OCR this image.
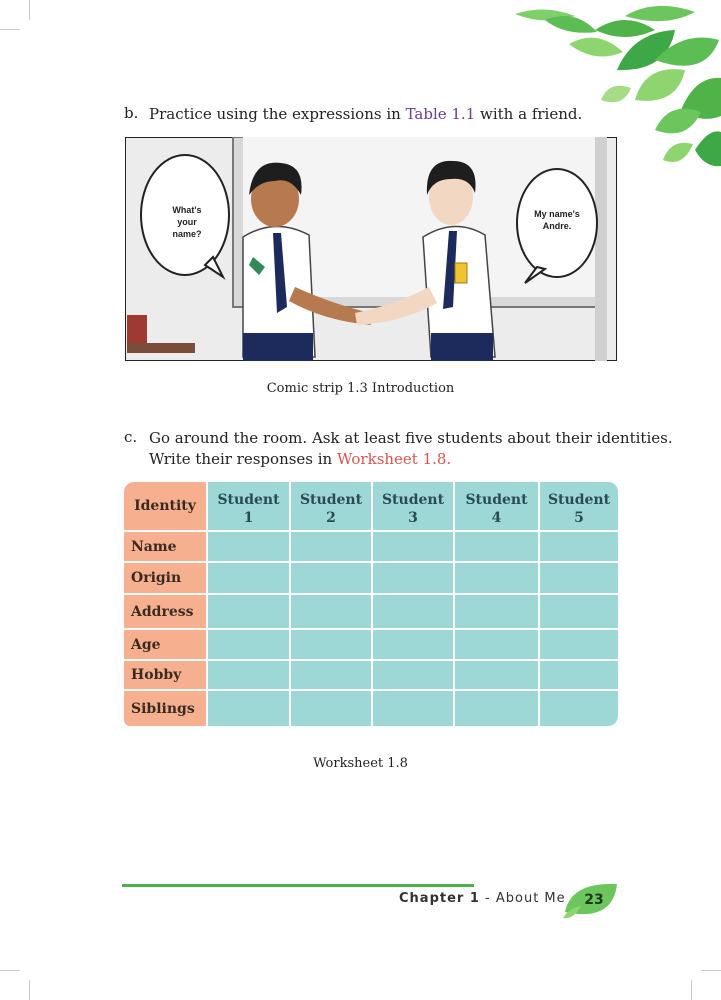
b. Practice using the expressions in Table 1.1 with a friend.
What's
your
name?
My name's
Andre.
Comic strip 1.3 Introduction
c. Go around the room. Ask at least five students about their identities.
Write their responses in Worksheet 1.8.
Identity	Student
1
Student
2
Student
3
Student
4
Student
5
Name
Origin
Address
Age
Hobby
Siblings
Worksheet 1.8
Chapter 1 - About Me 23
